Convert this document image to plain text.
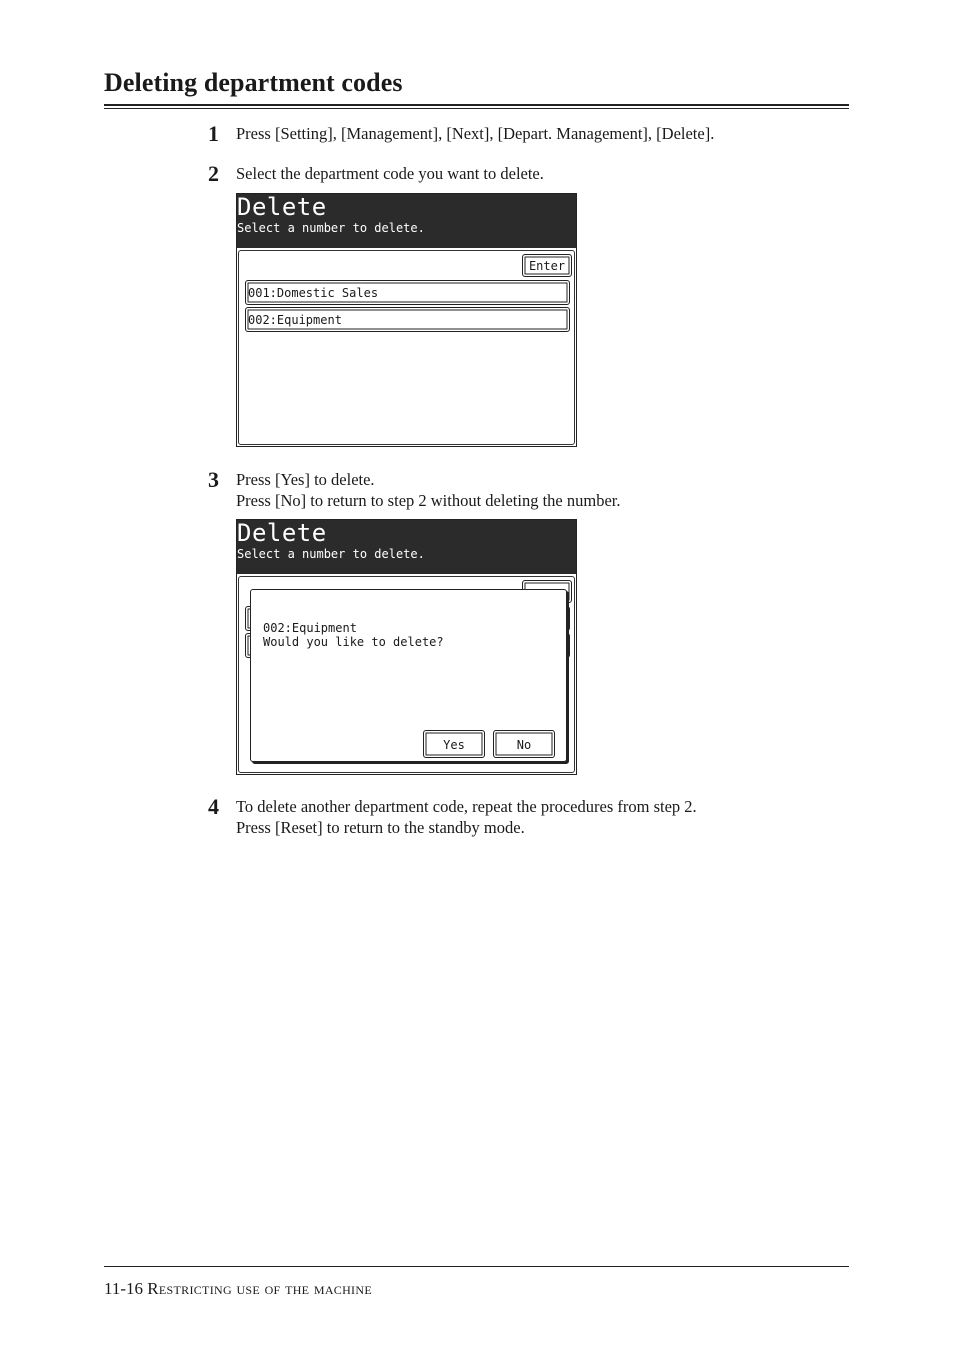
Deleting department codes
1 Press [Setting], [Management], [Next], [Depart. Management], [Delete].
2 Select the department code you want to delete.
Delete
Select a number to delete.
Enter
001:Domestic Sales
002:Equipment
3 Press [Yes] to delete.
Press [No] to return to step 2 without deleting the number.
Delete
Select a number to delete.
002:Equipment
Would you like to delete?
Yes	No
4 To delete another department code, repeat the procedures from step 2.
Press [Reset] to return to the standby mode.
11-16 Restricting use of the machine
